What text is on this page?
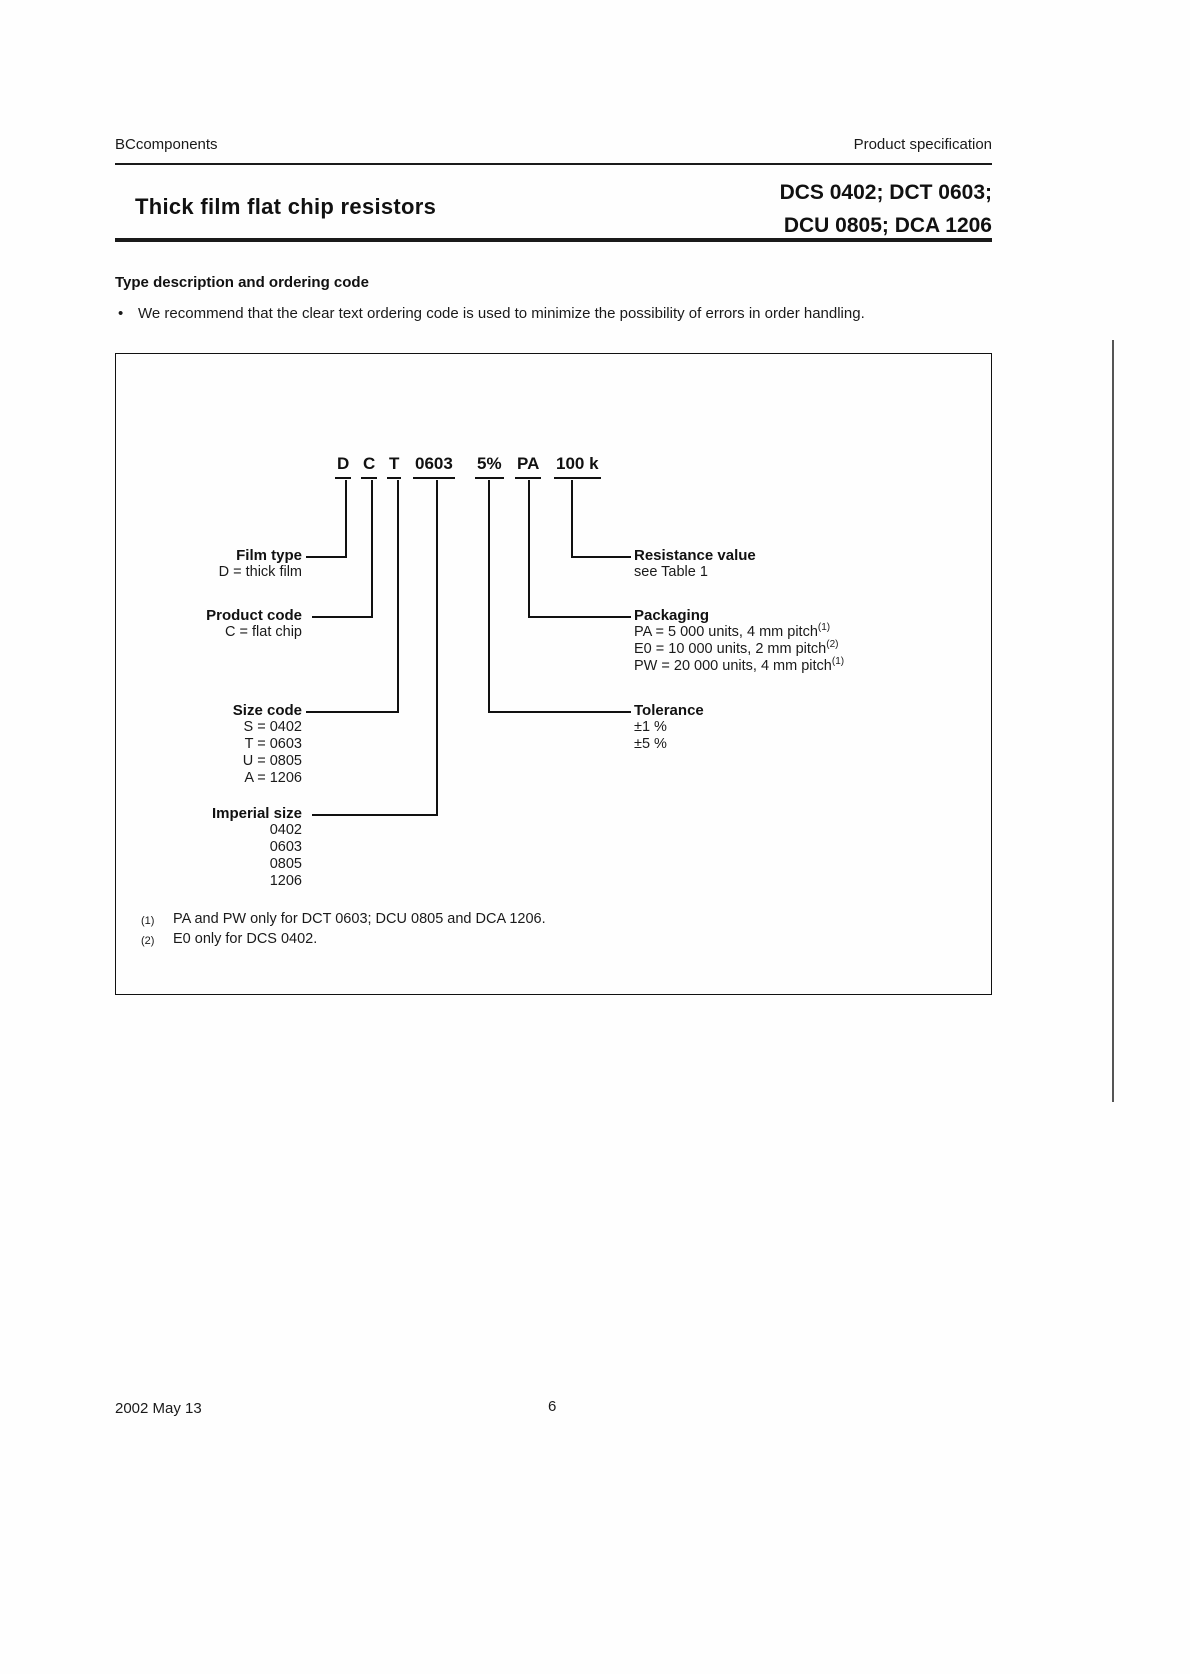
BCcomponents	Product specification
Thick film flat chip resistors
DCS 0402; DCT 0603;
DCU 0805; DCA 1206
Type description and ordering code
•
We recommend that the clear text ordering code is used to minimize the possibility of errors in order handling.
D C T 0603 5% PA 100 k
Film type
D = thick film
Product code
C = flat chip
Size code
S = 0402
T = 0603
U = 0805
A = 1206
Imperial size
0402
0603
0805
1206
Resistance value
see Table 1
Packaging
PA = 5 000 units, 4 mm pitch$^{(1)}$
E0 = 10 000 units, 2 mm pitch$^{(2)}$
PW = 20 000 units, 4 mm pitch$^{(1)}$
Tolerance
±1 %
±5 %
(1)	PA and PW only for DCT 0603; DCU 0805 and DCA 1206.
(2)	E0 only for DCS 0402.
2002 May 13	6
